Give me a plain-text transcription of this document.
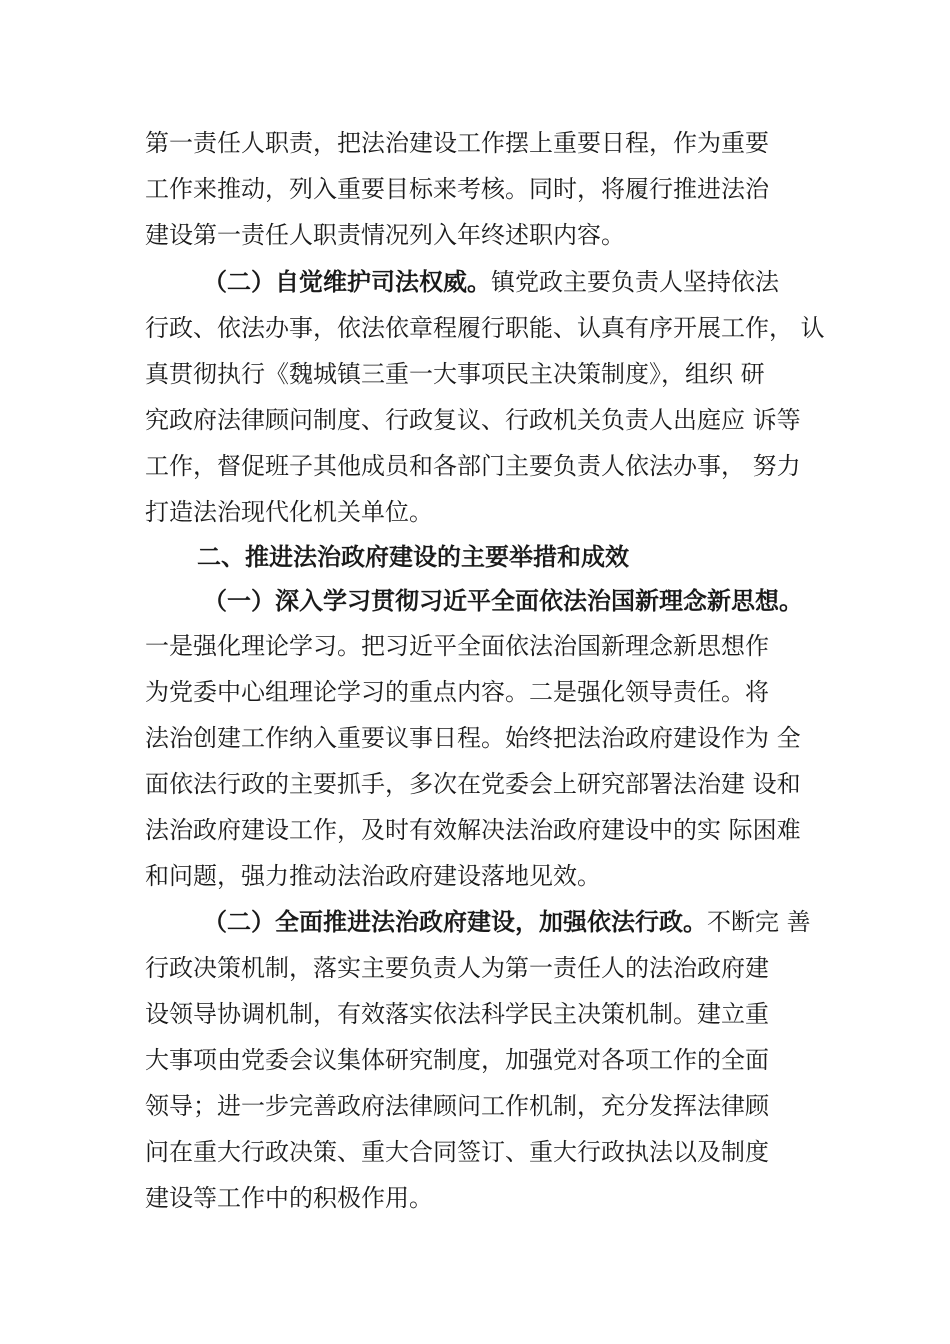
第一责任人职责，把法治建设工作摆上重要日程，作为重要
工作来推动，列入重要目标来考核。同时，将履行推进法治
建设第一责任人职责情况列入年终述职内容。
（二）自觉维护司法权威。镇党政主要负责人坚持依法
行政、依法办事，依法依章程履行职能、认真有序开展工作， 认
真贯彻执行《魏城镇三重一大事项民主决策制度》，组织 研
究政府法律顾问制度、行政复议、行政机关负责人出庭应 诉等
工作，督促班子其他成员和各部门主要负责人依法办事， 努力
打造法治现代化机关单位。
二、推进法治政府建设的主要举措和成效
（一）深入学习贯彻习近平全面依法治国新理念新思想。
一是强化理论学习。把习近平全面依法治国新理念新思想作
为党委中心组理论学习的重点内容。二是强化领导责任。将
法治创建工作纳入重要议事日程。始终把法治政府建设作为 全
面依法行政的主要抓手，多次在党委会上研究部署法治建 设和
法治政府建设工作，及时有效解决法治政府建设中的实 际困难
和问题，强力推动法治政府建设落地见效。
（二）全面推进法治政府建设，加强依法行政。不断完 善
行政决策机制，落实主要负责人为第一责任人的法治政府建
设领导协调机制，有效落实依法科学民主决策机制。建立重
大事项由党委会议集体研究制度，加强党对各项工作的全面
领导；进一步完善政府法律顾问工作机制，充分发挥法律顾
问在重大行政决策、重大合同签订、重大行政执法以及制度
建设等工作中的积极作用。
